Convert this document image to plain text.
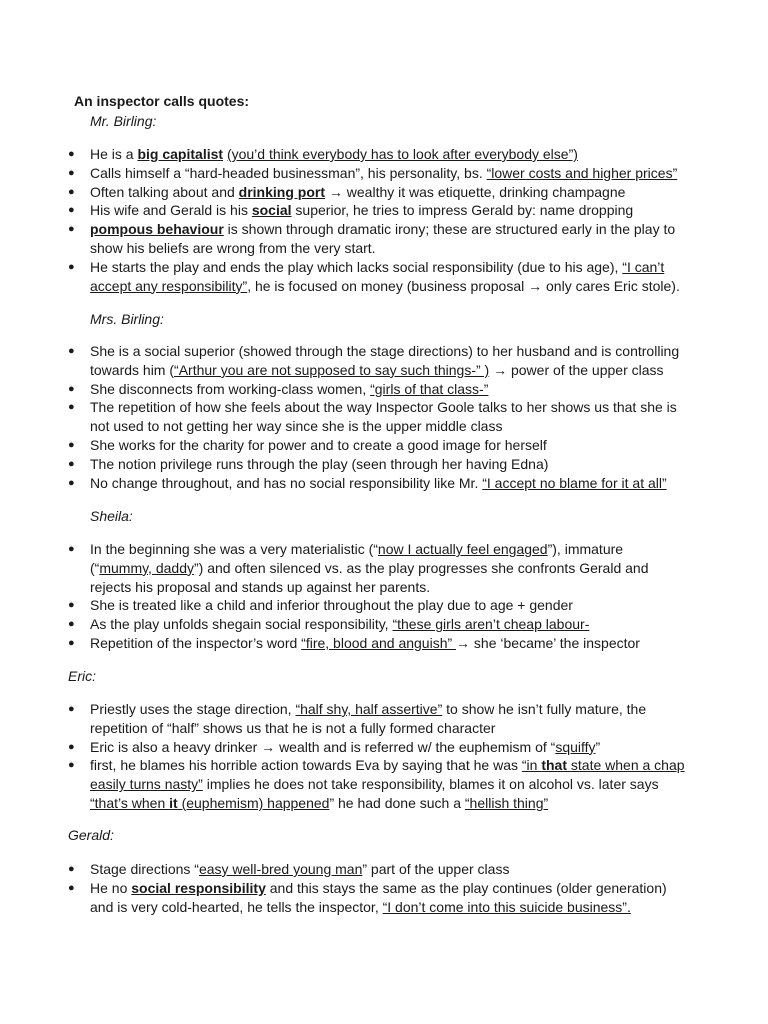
An inspector calls quotes:
Mr. Birling:
● He is a big capitalist (you’d think everybody has to look after everybody else”)
● Calls himself a “hard-headed businessman”, his personality, bs. “lower costs and higher prices”
● Often talking about and drinking port → wealthy it was etiquette, drinking champagne
● His wife and Gerald is his social superior, he tries to impress Gerald by: name dropping
● pompous behaviour is shown through dramatic irony; these are structured early in the play to show his beliefs are wrong from the very start.
● He starts the play and ends the play which lacks social responsibility (due to his age), “I can’t accept any responsibility”, he is focused on money (business proposal → only cares Eric stole).
Mrs. Birling:
● She is a social superior (showed through the stage directions) to her husband and is controlling towards him (“Arthur you are not supposed to say such things-” ) → power of the upper class
● She disconnects from working-class women, “girls of that class-”
● The repetition of how she feels about the way Inspector Goole talks to her shows us that she is not used to not getting her way since she is the upper middle class
● She works for the charity for power and to create a good image for herself
● The notion privilege runs through the play (seen through her having Edna)
● No change throughout, and has no social responsibility like Mr. “I accept no blame for it at all”
Sheila:
● In the beginning she was a very materialistic (“now I actually feel engaged”), immature (“mummy, daddy”) and often silenced vs. as the play progresses she confronts Gerald and rejects his proposal and stands up against her parents.
● She is treated like a child and inferior throughout the play due to age + gender
● As the play unfolds shegain social responsibility, “these girls aren’t cheap labour-
● Repetition of the inspector’s word “fire, blood and anguish” → she ‘became’ the inspector
Eric:
● Priestly uses the stage direction, “half shy, half assertive” to show he isn’t fully mature, the repetition of “half” shows us that he is not a fully formed character
● Eric is also a heavy drinker → wealth and is referred w/ the euphemism of “squiffy”
● first, he blames his horrible action towards Eva by saying that he was “in that state when a chap easily turns nasty” implies he does not take responsibility, blames it on alcohol vs. later says “that’s when it (euphemism) happened” he had done such a “hellish thing”
Gerald:
● Stage directions “easy well-bred young man” part of the upper class
● He no social responsibility and this stays the same as the play continues (older generation) and is very cold-hearted, he tells the inspector, “I don’t come into this suicide business”.
